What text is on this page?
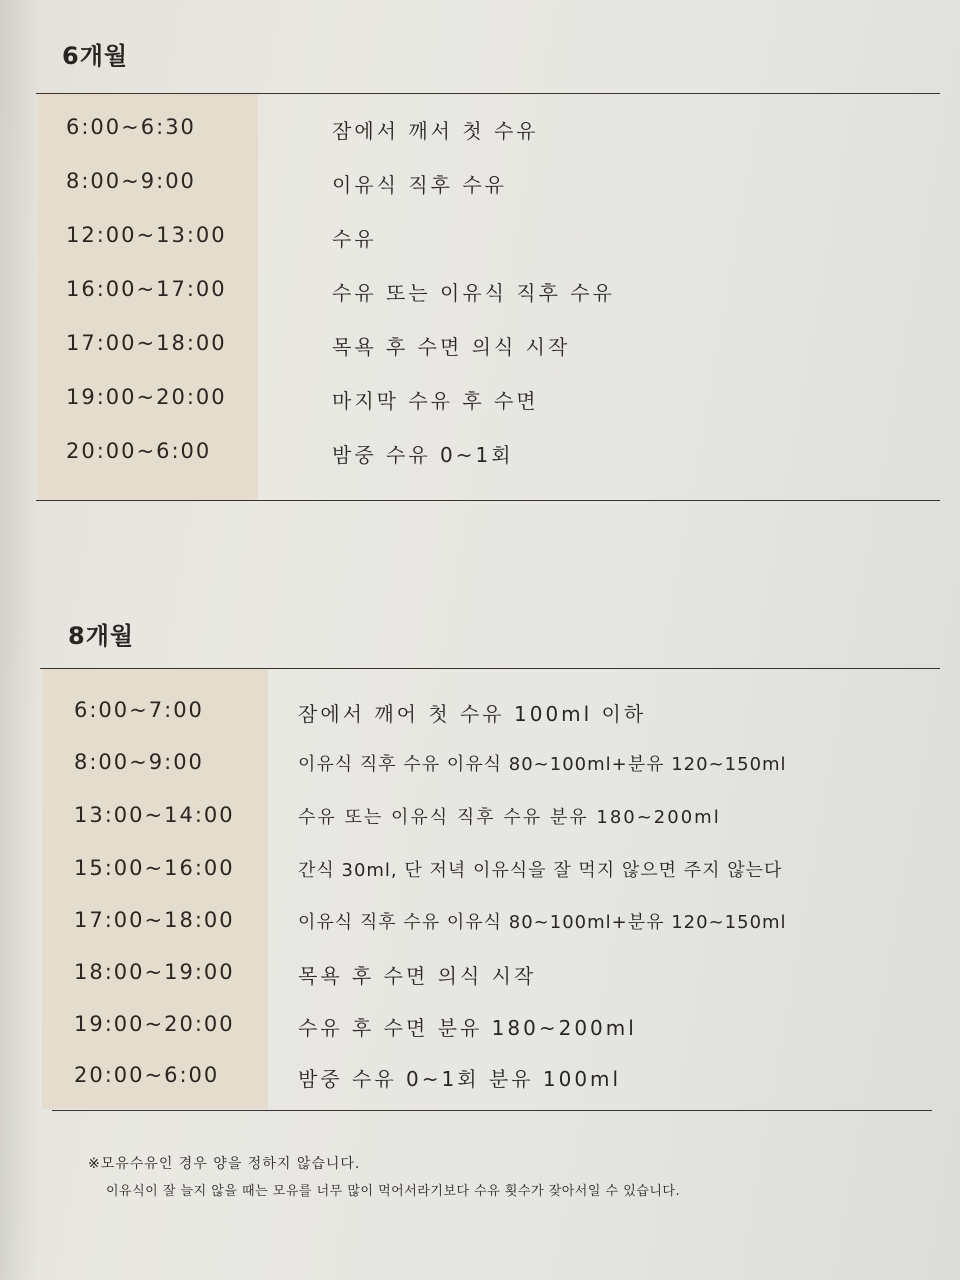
6개월
6:00~6:30	잠에서 깨서 첫 수유
8:00~9:00	이유식 직후 수유
12:00~13:00	수유
16:00~17:00	수유 또는 이유식 직후 수유
17:00~18:00	목욕 후 수면 의식 시작
19:00~20:00	마지막 수유 후 수면
20:00~6:00	밤중 수유 0~1회
8개월
6:00~7:00	잠에서 깨어 첫 수유 100ml 이하
8:00~9:00	이유식 직후 수유 이유식 80~100ml+분유 120~150ml
13:00~14:00	수유 또는 이유식 직후 수유 분유 180~200ml
15:00~16:00	간식 30ml, 단 저녁 이유식을 잘 먹지 않으면 주지 않는다
17:00~18:00	이유식 직후 수유 이유식 80~100ml+분유 120~150ml
18:00~19:00	목욕 후 수면 의식 시작
19:00~20:00	수유 후 수면 분유 180~200ml
20:00~6:00	밤중 수유 0~1회 분유 100ml
※모유수유인 경우 양을 정하지 않습니다.
이유식이 잘 늘지 않을 때는 모유를 너무 많이 먹어서라기보다 수유 횟수가 잦아서일 수 있습니다.
